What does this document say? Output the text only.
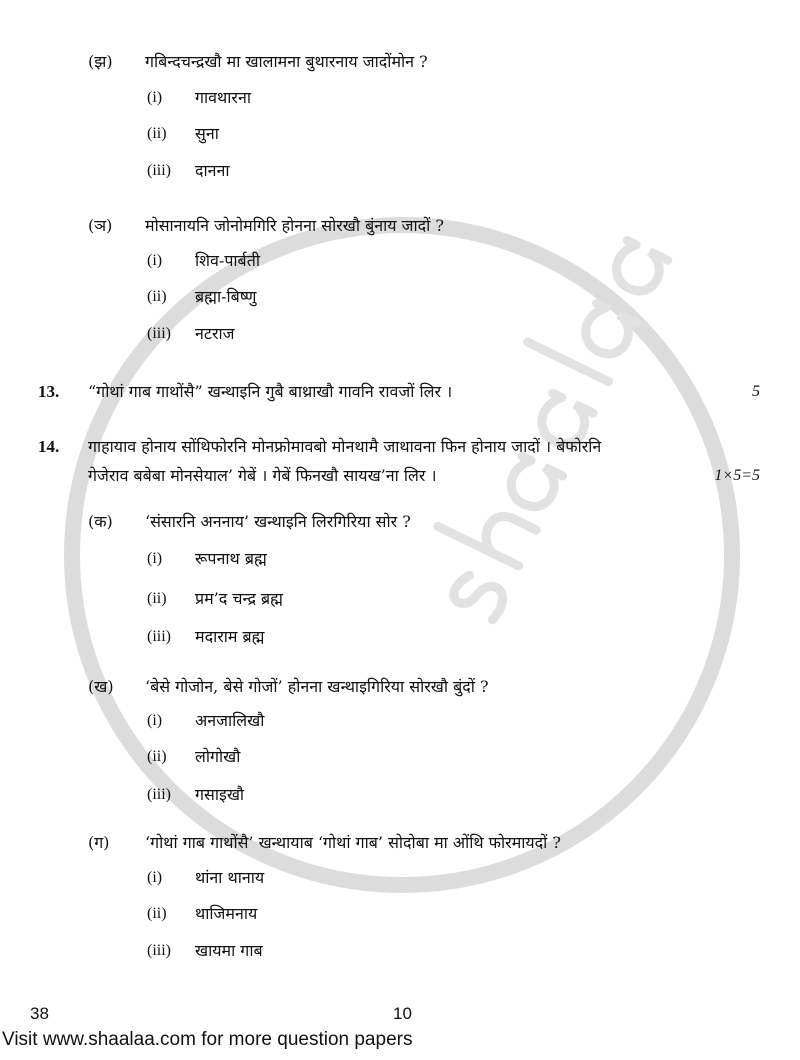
(झ) गबिन्दचन्द्रखौ मा खालामना बुथारनाय जादोंमोन ?
(i) गावथारना
(ii) सुना
(iii) दानना
(ञ) मोसानायनि जोनोमगिरि होनना सोरखौ बुंनाय जादों ?
(i) शिव-पार्बती
(ii) ब्रह्मा-बिष्णु
(iii) नटराज
13. “गोथां गाब गाथोंसै” खन्थाइनि गुबै बाथ्राखौ गावनि रावजों लिर ।	5
14. गाहायाव होनाय सोंथिफोरनि मोनफ्रोमावबो मोनथामै जाथावना फिन होनाय जादों । बेफोरनि
गेजेराव बबेबा मोनसेयाल’ गेबें । गेबें फिनखौ सायख’ना लिर ।	1×5=5
(क) ‘संसारनि अननाय’ खन्थाइनि लिरगिरिया सोर ?
(i) रूपनाथ ब्रह्म
(ii) प्रम’द चन्द्र ब्रह्म
(iii) मदाराम ब्रह्म
(ख) ‘बेसे गोजोन, बेसे गोजों’ होनना खन्थाइगिरिया सोरखौ बुंदों ?
(i) अनजालिखौ
(ii) लोगोखौ
(iii) गसाइखौ
(ग) ‘गोथां गाब गाथोंसै’ खन्थायाब ‘गोथां गाब’ सोदोबा मा ओंथि फोरमायदों ?
(i) थांना थानाय
(ii) थाजिमनाय
(iii) खायमा गाब
38	10
Visit www.shaalaa.com for more question papers
